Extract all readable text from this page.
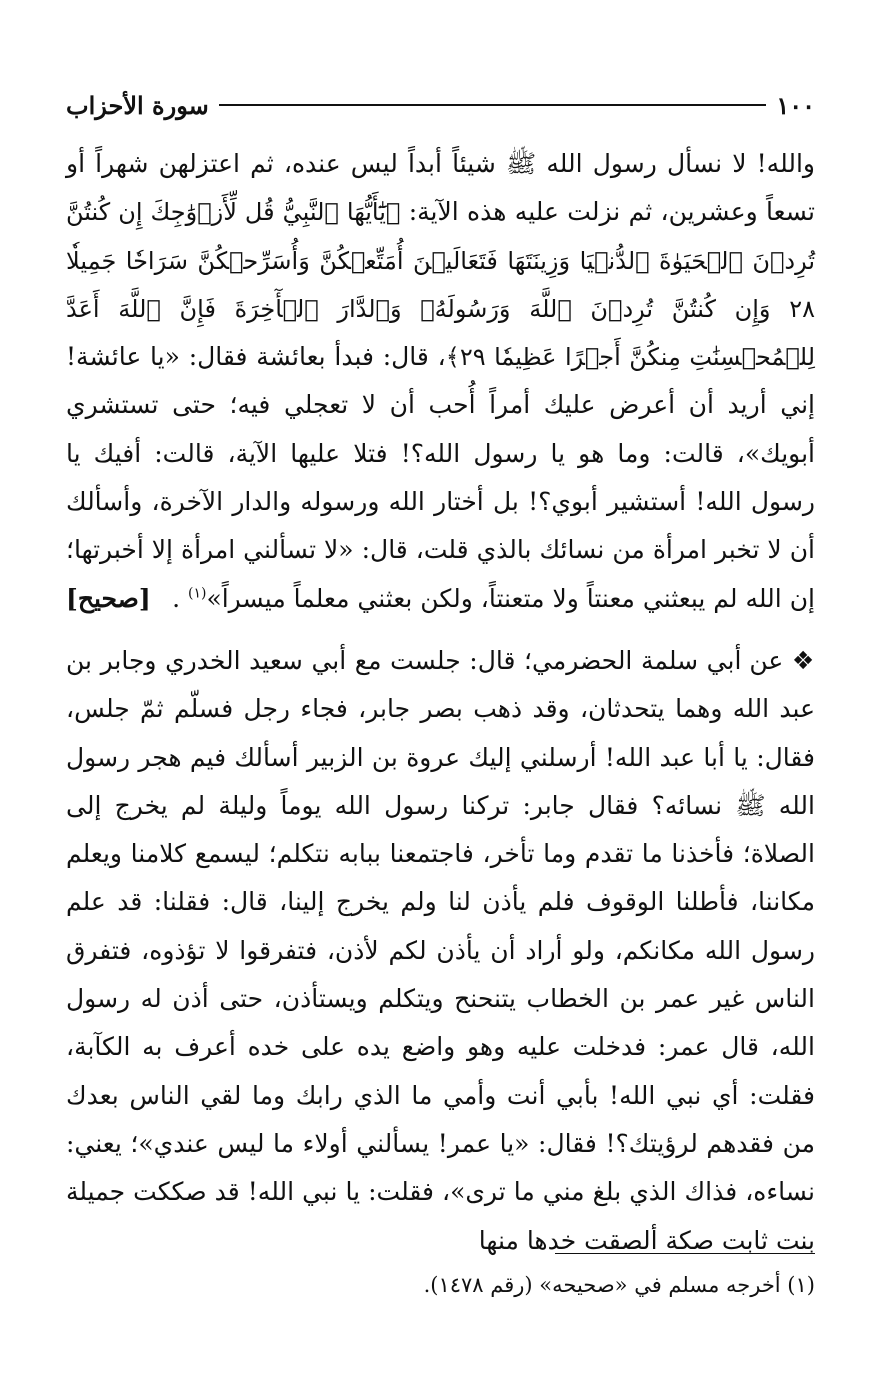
١٠٠
سورة الأحزاب

والله! لا نسأل رسول الله ﷺ شيئاً أبداً ليس عنده، ثم اعتزلهن شهراً أو تسعاً وعشرين، ثم نزلت عليه هذه الآية: ﴿يَٰٓأَيُّهَا ٱلنَّبِيُّ قُل لِّأَزۡوَٰجِكَ إِن كُنتُنَّ تُرِدۡنَ ٱلۡحَيَوٰةَ ٱلدُّنۡيَا وَزِينَتَهَا فَتَعَالَيۡنَ أُمَتِّعۡكُنَّ وَأُسَرِّحۡكُنَّ سَرَاحٗا جَمِيلٗا ٢٨ وَإِن كُنتُنَّ تُرِدۡنَ ٱللَّهَ وَرَسُولَهُۥ وَٱلدَّارَ ٱلۡأٓخِرَةَ فَإِنَّ ٱللَّهَ أَعَدَّ لِلۡمُحۡسِنَٰتِ مِنكُنَّ أَجۡرًا عَظِيمٗا ٢٩﴾، قال: فبدأ بعائشة فقال: «يا عائشة! إني أريد أن أعرض عليك أمراً أُحب أن لا تعجلي فيه؛ حتى تستشري أبويك»، قالت: وما هو يا رسول الله؟! فتلا عليها الآية، قالت: أفيك يا رسول الله! أستشير أبوي؟! بل أختار الله ورسوله والدار الآخرة، وأسألك أن لا تخبر امرأة من نسائك بالذي قلت، قال: «لا تسألني امرأة إلا أخبرتها؛ إن الله لم يبعثني معنتاً ولا متعنتاً، ولكن بعثني معلماً ميسراً»$^{(١)}$ .
[صحيح]

❖ عن أبي سلمة الحضرمي؛ قال: جلست مع أبي سعيد الخدري وجابر بن عبد الله وهما يتحدثان، وقد ذهب بصر جابر، فجاء رجل فسلّم ثمّ جلس، فقال: يا أبا عبد الله! أرسلني إليك عروة بن الزبير أسألك فيم هجر رسول الله ﷺ نسائه؟ فقال جابر: تركنا رسول الله يوماً وليلة لم يخرج إلى الصلاة؛ فأخذنا ما تقدم وما تأخر، فاجتمعنا ببابه نتكلم؛ ليسمع كلامنا ويعلم مكاننا، فأطلنا الوقوف فلم يأذن لنا ولم يخرج إلينا، قال: فقلنا: قد علم رسول الله مكانكم، ولو أراد أن يأذن لكم لأذن، فتفرقوا لا تؤذوه، فتفرق الناس غير عمر بن الخطاب يتنحنح ويتكلم ويستأذن، حتى أذن له رسول الله، قال عمر: فدخلت عليه وهو واضع يده على خده أعرف به الكآبة، فقلت: أي نبي الله! بأبي أنت وأمي ما الذي رابك وما لقي الناس بعدك من فقدهم لرؤيتك؟! فقال: «يا عمر! يسألني أولاء ما ليس عندي»؛ يعني: نساءه، فذاك الذي بلغ مني ما ترى»، فقلت: يا نبي الله! قد صككت جميلة بنت ثابت صكة ألصقت خدها منها

(١) أخرجه مسلم في «صحيحه» (رقم ١٤٧٨).
